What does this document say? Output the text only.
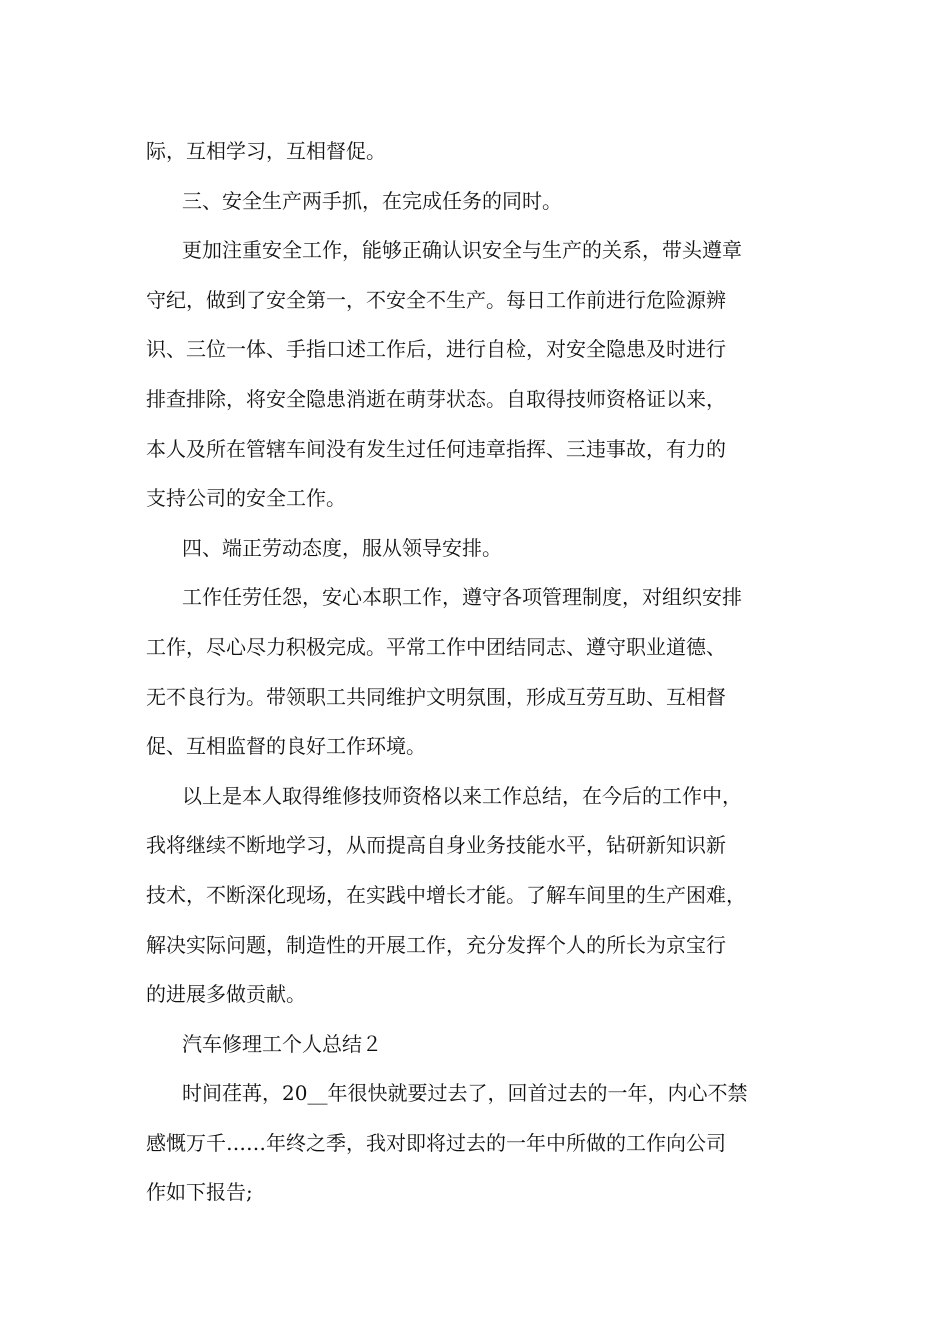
际，互相学习，互相督促。
三、安全生产两手抓，在完成任务的同时。
更加注重安全工作，能够正确认识安全与生产的关系，带头遵章
守纪，做到了安全第一，不安全不生产。每日工作前进行危险源辨
识、三位一体、手指口述工作后，进行自检，对安全隐患及时进行
排查排除，将安全隐患消逝在萌芽状态。自取得技师资格证以来，
本人及所在管辖车间没有发生过任何违章指挥、三违事故，有力的
支持公司的安全工作。
四、端正劳动态度，服从领导安排。
工作任劳任怨，安心本职工作，遵守各项管理制度，对组织安排
工作，尽心尽力积极完成。平常工作中团结同志、遵守职业道德、
无不良行为。带领职工共同维护文明氛围，形成互劳互助、互相督
促、互相监督的良好工作环境。
以上是本人取得维修技师资格以来工作总结，在今后的工作中，
我将继续不断地学习，从而提高自身业务技能水平，钻研新知识新
技术，不断深化现场，在实践中增长才能。了解车间里的生产困难，
解决实际问题，制造性的开展工作，充分发挥个人的所长为京宝行
的进展多做贡献。
汽车修理工个人总结２
时间荏苒，20__年很快就要过去了，回首过去的一年，内心不禁
感慨万千……年终之季，我对即将过去的一年中所做的工作向公司
作如下报告;
